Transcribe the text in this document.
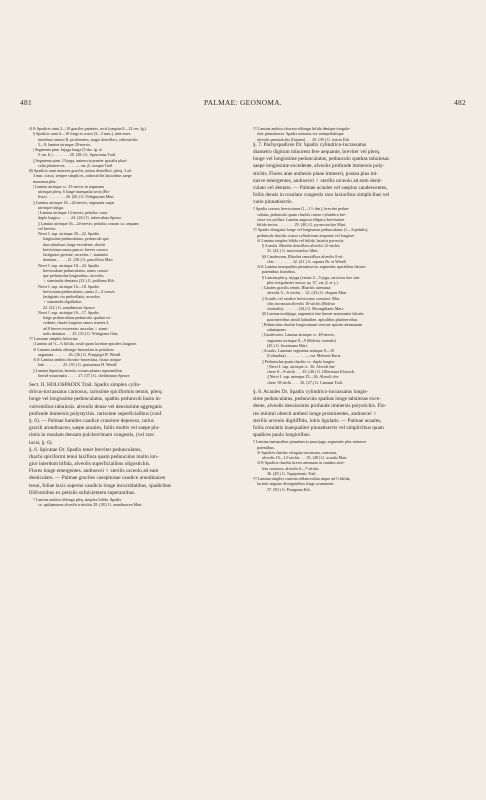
481	PALMAE: GEONOMA.	482
⊙⊙ Spadicis rami 2—10 graciles patentes, recti (saepius 8—12 cm. lg.).
§ Spadicis rami 6—10 longi et crassi (3—5 mm.), inferiores
interdum ramosi II. proferentes, magis densiflori, orthostichis
5—8; lamina utrinque 20-nervis.
| Segmenta pinn. bijuga longa (5 dm. lg. et
5 cm. lt.) . . . . . . . . 20. (28.) G. Spruceana Trail.
|| Segmenta pinn. 13-juga, uninervia praeter apicalia pluri-
calia plurinervia . . . . . — var. β. compta Trail.
§§ Spadicis rami minores gracilis, minus densiflori, plerq. 3 ad
3 mm. crassi, semper simplices, orthostichis laxioribus saepe
monomorphis.
| Lamina utrinque cc. 25-nervis in segmenta
utrinque plerq. 6 longe inaequalia secta (Bo-
livia) . . . . . . . . . 26. (26.) G. Orbignyana Mart.
|| Lamina utrinque 18—24-nervis; segmenta saepe
utrinque trijuga.
| Lamina utrinque 12-nervis; petiolus costa
duplo longior . . . . . 24. (24.) G. tuberculata Spruce.
|| Lamina utrinque 16—24-nervis; petiolus costam ca. aequans
vel brevior.
Nervi I. sup. utrinque 20—22. Spadix
longissime pedunculatus, pedunculo spa-
thas tabulosas longe excedente, rhachi
brevissima ramos paucos breves crassos
fastigiatos gerente; urceolus ♀ staminiis
dentatus . . . . . 21. (30.) G. pauciflora Mart.
Nervi I. sup. utrinque 18—24. Spadix
breviusdane pedunculatus, ramis crassis-
que pedunculus longioribus; urceolus
♀ staminalis dentatus (31.) G. pohliana Kth.
Nervi I. sup. utrinque 16—18. Spadix
brevissime pedunculatus, ramis 2—4 crassis
fastigiatis via pedicellatis; urceolus
♀ staminalis digitilabus
22. (32.) G. arundinacea Spruce.
Nervi I. sup. utrinque 16—17. Spadix
longe pedunculatus pedunculo spathas ex-
cedente, rhachi longiore ramos teneres 4
ad 8 breves exserente; urceolus ♀ stami-
nalis dentatus . . . 23. (33.) G. Wittigiana Glaz.
†† Laminae simplex bifurcata.
| Lamina ad ½—¾ bifida, costā quam laciniae apicales longiore.
⊙ Lamina ambitu oblongo-lanceolata in petiolum
angustata . . . . . . . 26. (36.) G. Poeppigii H. Wendl.
⊙⊙ Lamina ambitu obovato-lanceolata, fixata utrique
latā . . . . . . . . . 25. (35.) G. gastoniana H. Wendl.
|| Lamina bipartita, laciniis costam plurias superantibus
linearl-acuminatis . . . . . 27. (37.) G. chelidonura Spruce.
Sect. II. HOLOSPADIX Trail. Spadix simplex cylin-
dricus-incrassatus carnosus, rarissime spiciformis tennis, plerq.
longe vel longissime pedunculatus, spathis pedunculi basin in-
volventibus tubulosis. alveolis dense vel densissime aggregatis
profunde immersis polystychis. rarissime superficialibus (conf.
§. 6). — Palmae humiles caudice crassiore depresso, rarius
gracili arundinaceo, saepe acaules, foliis multis vel saepe plu-
rimis in rosulam densam pulcherrimam congestis, (vel raro
laxis; §. 6).
§. 6. Spicatae Dr. Spadix tener breviter pedunculatus,
rhachi spiciformi tenui laxiflora quam pedunculus multo lon-
gior interdum bifida, alveolis superficialibus oligostichis.
Flores longe emergentes. androecei ♀ sterilis urceolo ad eam
denticulato. — Palmae graciles caespitosae caudice arundinaceo
tenui, foliae laxis superne caudicis longe incoctidatibus, spadicibus
filiformibus ex petiolis sufulcientem superantibus.
† Lamina ambitu oblonga pleq. simplex bifida. Spadix
ca. spithamaeus alveolis tristichis 28. (38.) G. arundinacea Mart.
†† Lamina ambitu obovato-oblonga bifida denique irregula-
riter pinnatisecta. Spadix minutus vix semipedalisque
alveolis pentastichis (Guiana) . . . 29. (39.) G. stricta Kth.
§. 7. Pachyspadices Dr. Spadix cylindrico-incrassatus
diametro digitum minorem fere aequante, breviter vel plerq.
longe vel longissime pedunculatus, pedunculo spathas tubulosas
saepe longissime excedente, alveolis profunde immersis poly-
stichis. Flores ante anthesin plane immersi, postea plus mi-
nusve emergentes, androecei ♀ sterilis urceolo ad eum denti-
culato vel dentato. — Palmae acaules vel saepius caudescentes,
foliis densis in rosulam congestis raro laxioribus simplicibus vel
varie pinnatisectis.
† Spadix crassus brevissimus (1—1½ dm.), breviter pedun-
culatus, pedunculo quam rhachis crasso-cylindrica bre-
viore vix axillari. Lamina angusta elliptica brevissime
bifido-incisa . . . . . . . . 29. (40.) G. pycnostachys Mart.
†† Spadix elongatus longe vel longissime pedunculatus (1—3-pedalis),
pedunculo rhachis crasso-cylindricam aequante vel longiore.
⊙ Lamina simplex bifida vel bifida, laciniis porrectis.
§ Acaulis. Rhachis densiflora alveolis 12-stichis
31. (42.) G. macrostachys Mart.
§§ Caudescens. Rhachis remotiflora alveolis 8-sti-
chis . . . . . . . . . 32. (41.) G. rupuria Dr. et Wendl.
⊙⊙ Lamina inaequaliter pinnatisecta, segmentis apicalibus falcato-
patentibus latioribus.
§ Lamina plerq. trijuga (varius 2—5-juga, raricious iteo sim-
plex irregulariter incisa: sp. 37, var. β. et γ.).
| Caudex gracilis tennis. Rhachis attenuata
alveolis 5—6-stichis . . 22. (43.) G. elegans Mart.
|| Acaulis vel caudice brevissimo crassiore. Rha-
chis incrassata alveolis 10-stichis (Bolivia
orientalis) . . . . . . . (44.) G. Bicongilianis Mart.
§§ Lamina multijuga, segmentis late lineari-acuminatis falcatis
paucinervibus simili latitudine, apicalibus plurinervibus.
| Pedunculus rhachis longissimum verosne apicem attenuatam
subaequans.
| Caudescens. Lamina utrinque cc. 48-nervis;
segmenta utrinque 8—9 (Bolivia centralis)
(45.) G. Jussieuana Mart.
| Acaulis. Laminae segmenta utrinque 8—10
(Columbia) . . . . . . . . . — var. Mettenii Karst.
|| Pedunculus quam rhachis cc. duplo longior.
| Nervi I. sup. utrinque cc. 36. Alveoli rha-
chese 8—9-stichi . . . 35. (46.) G. Olfersiana Klotzsch.
|| Nervi I. sup. utrinque 25—36. Alveoli rha-
chese 18-stichi . . . . 36. (47.) G. Camana Trail.
§. 8. Acaules Dr. Spadix cylindrico-incrassatus longis-
sime pedunculatus, pedunculo spathas longe tabulosas exce-
dente, alveolis densissimis profunde immersis polystichis. Flo-
res minimi obtecti anthesi longe prominentes, androecei ♀
sterilis urceolo digitiffido, lobis ligulatis. — Palmae acaules,
foliis rosulatis inaequaliter pinnatisectis vel simplicibus quam
spadices paulo longioribus.
† Lamina inaequaliter pinnatisecta paucijuga, segmentis plus minusve
patentibus.
⊙ Spadicis rhachis elongata incrassata, contracta,
alveolis 10—12-stichis . . . 35. (48.) G. acaulis Mart.
⊙⊙ Spadicis rhachis brevis attenuata in caudam steri-
lem crassiora, alveolis 6—7-stichis
36. (49.) G. Tapajotensis Trail.
†† Lamina simplex cuneato-oblanceolata usque ad ⅓ bifida,
laciniis anguste divergentibus longe acuminatis
37. (50.) G. Poeppana Kth.
